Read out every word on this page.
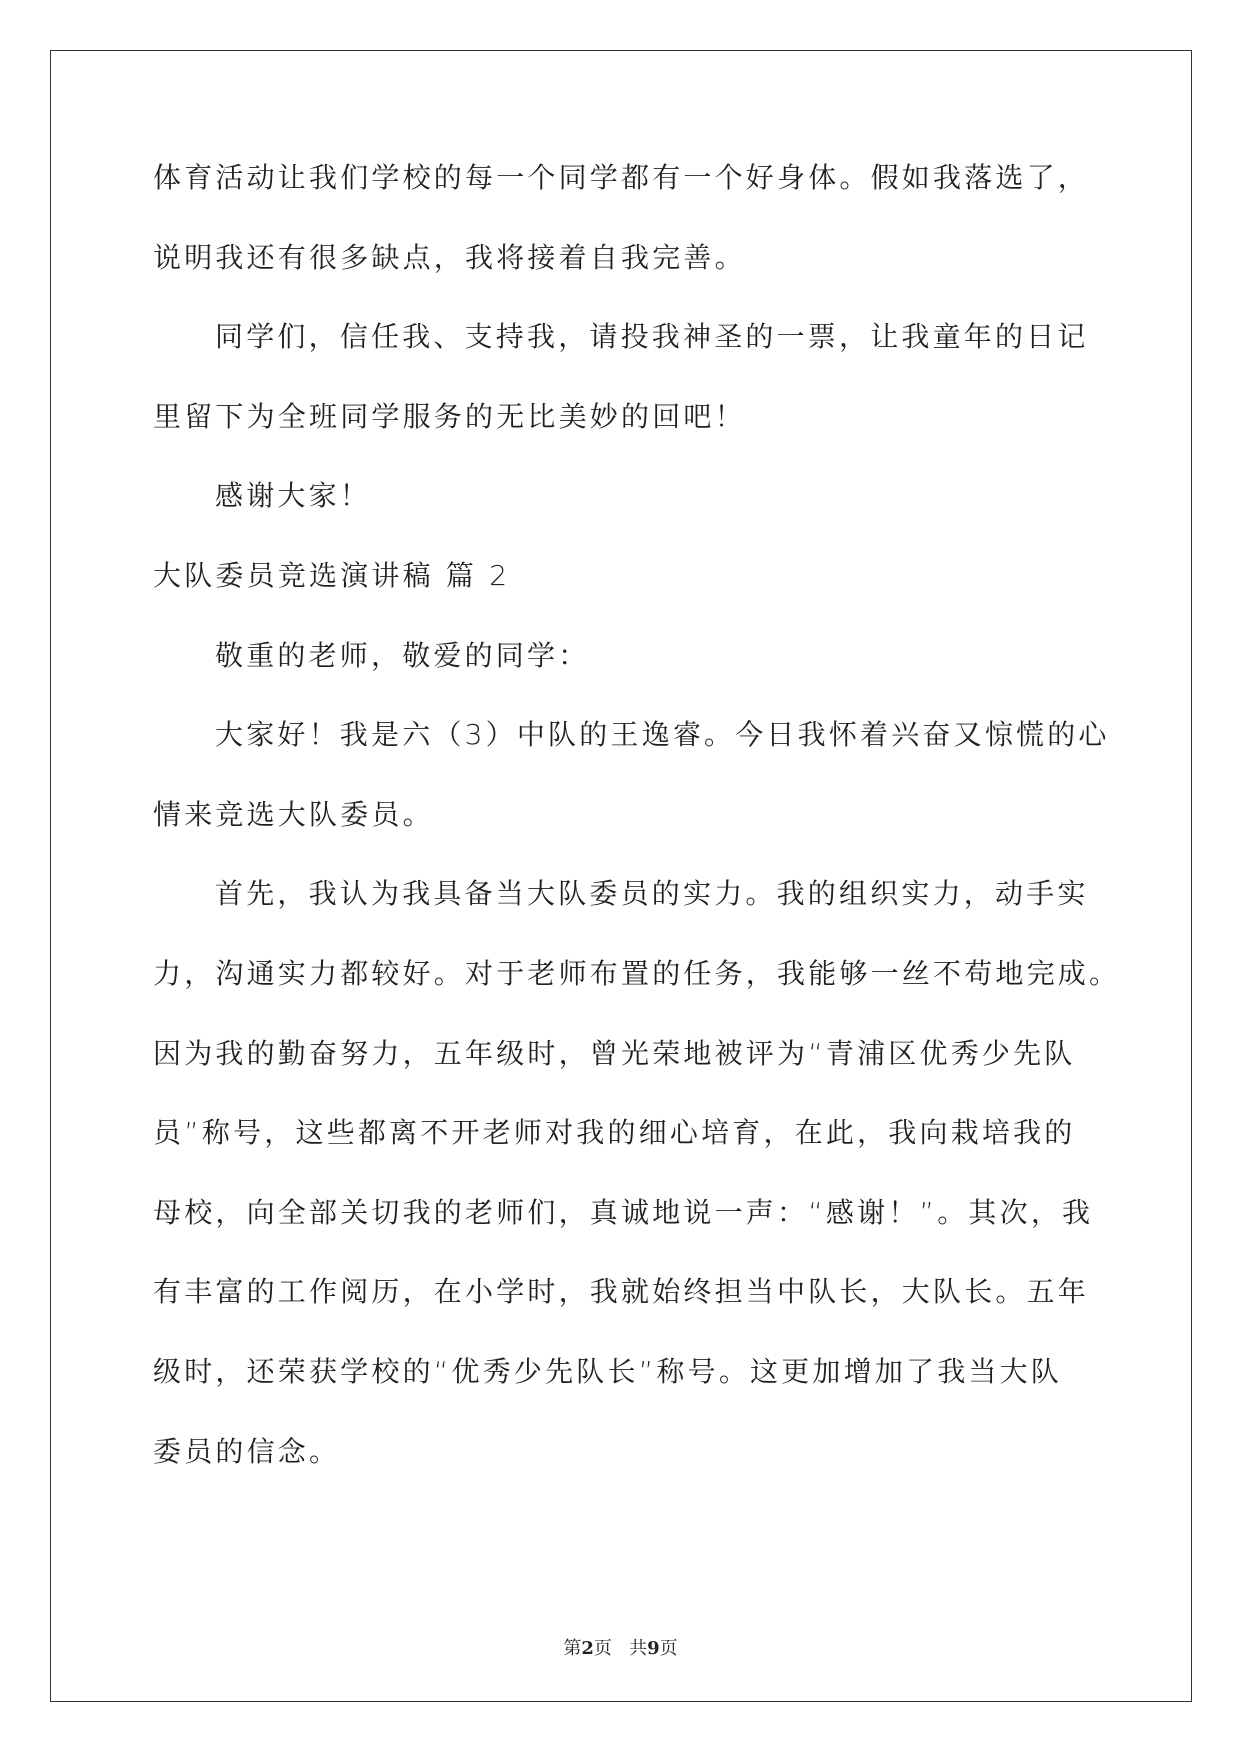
体育活动让我们学校的每一个同学都有一个好身体。假如我落选了，
说明我还有很多缺点，我将接着自我完善。
同学们，信任我、支持我，请投我神圣的一票，让我童年的日记
里留下为全班同学服务的无比美妙的回吧！
感谢大家！
大队委员竞选演讲稿 篇 2
敬重的老师，敬爱的同学：
大家好！我是六（3）中队的王逸睿。今日我怀着兴奋又惊慌的心
情来竞选大队委员。
首先，我认为我具备当大队委员的实力。我的组织实力，动手实
力，沟通实力都较好。对于老师布置的任务，我能够一丝不苟地完成。
因为我的勤奋努力，五年级时，曾光荣地被评为“青浦区优秀少先队
员”称号，这些都离不开老师对我的细心培育，在此，我向栽培我的
母校，向全部关切我的老师们，真诚地说一声：“感谢！”。其次，我
有丰富的工作阅历，在小学时，我就始终担当中队长，大队长。五年
级时，还荣获学校的“优秀少先队长”称号。这更加增加了我当大队
委员的信念。
第2页   共9页
